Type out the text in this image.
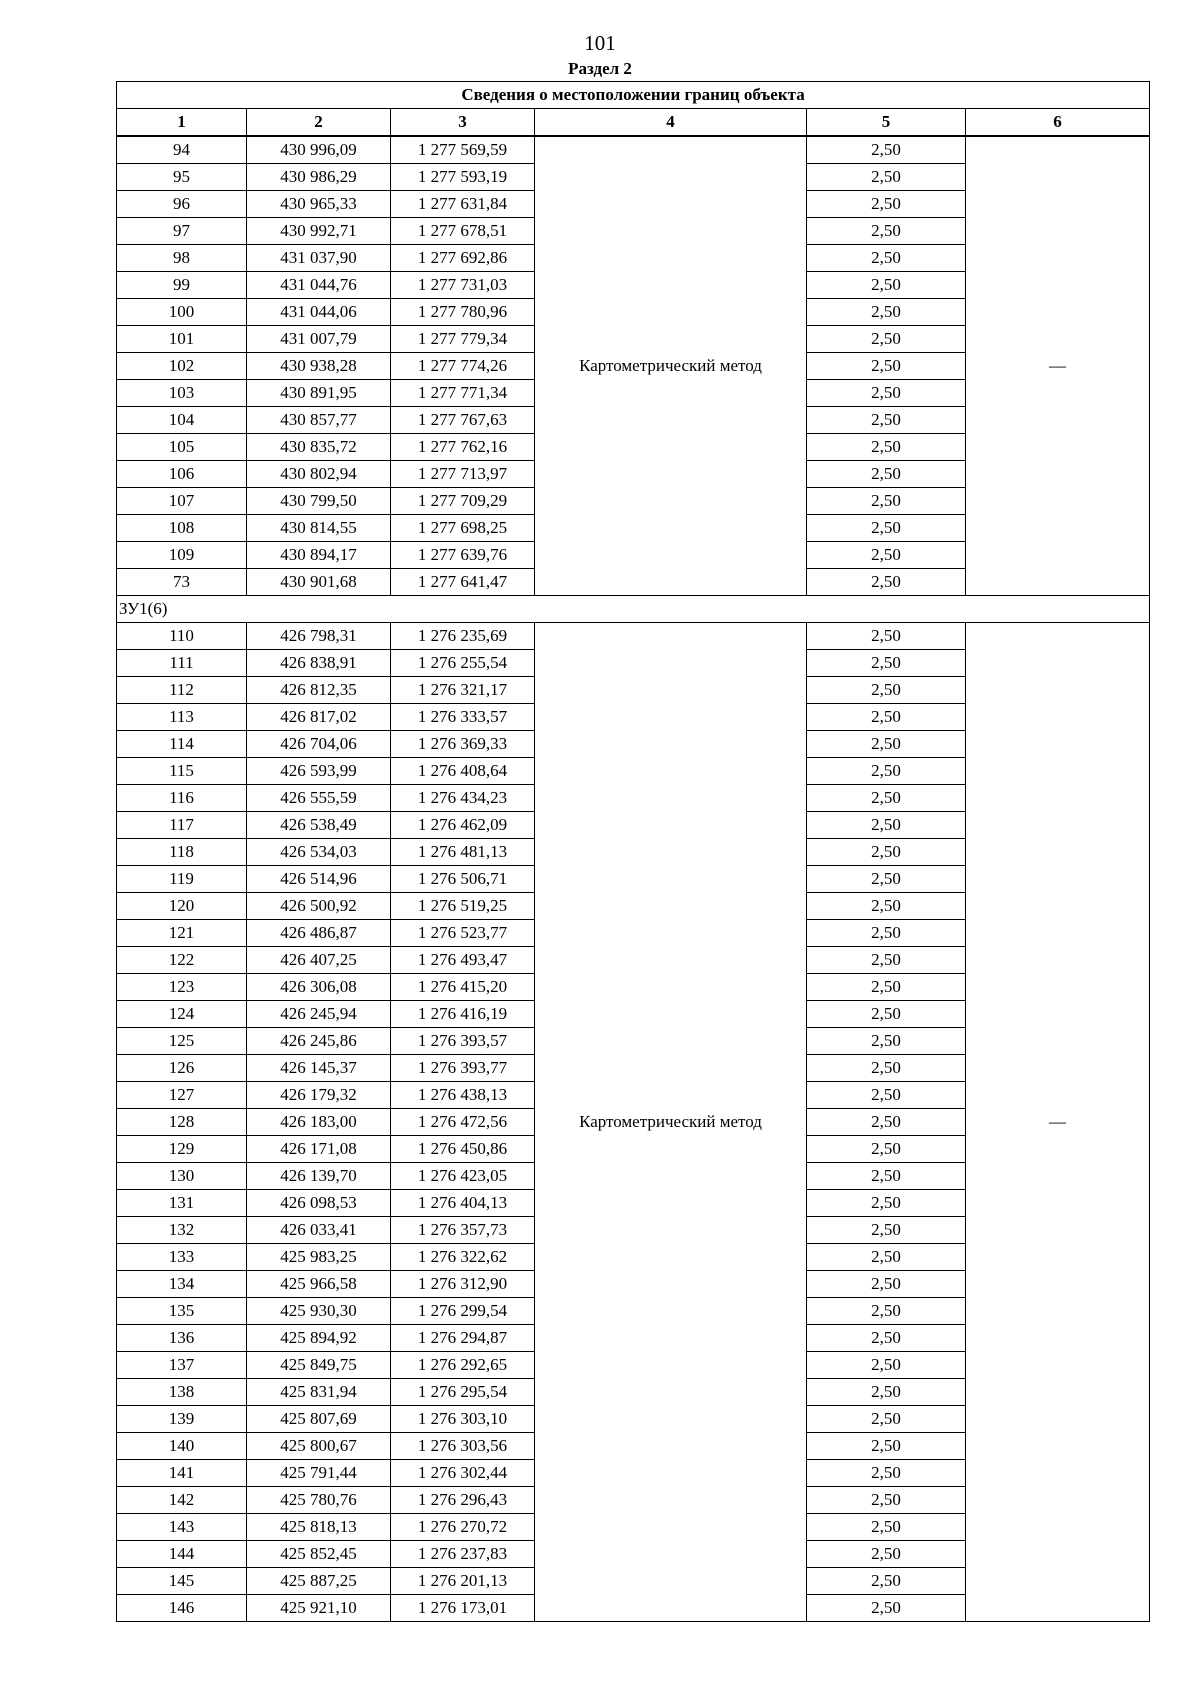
101
Раздел 2
Сведения о местоположении границ объекта					
1	2	3	4	5	6
94	430 996,09	1 277 569,59	Картометрический метод	2,50	—
95	430 986,29	1 277 593,19		2,50	
96	430 965,33	1 277 631,84		2,50	
97	430 992,71	1 277 678,51		2,50	
98	431 037,90	1 277 692,86		2,50	
99	431 044,76	1 277 731,03		2,50	
100	431 044,06	1 277 780,96		2,50	
101	431 007,79	1 277 779,34		2,50	
102	430 938,28	1 277 774,26		2,50	
103	430 891,95	1 277 771,34		2,50	
104	430 857,77	1 277 767,63		2,50	
105	430 835,72	1 277 762,16		2,50	
106	430 802,94	1 277 713,97		2,50	
107	430 799,50	1 277 709,29		2,50	
108	430 814,55	1 277 698,25		2,50	
109	430 894,17	1 277 639,76		2,50	
73	430 901,68	1 277 641,47		2,50	
ЗУ1(6)					
110	426 798,31	1 276 235,69	Картометрический метод	2,50	—
111	426 838,91	1 276 255,54		2,50	
112	426 812,35	1 276 321,17		2,50	
113	426 817,02	1 276 333,57		2,50	
114	426 704,06	1 276 369,33		2,50	
115	426 593,99	1 276 408,64		2,50	
116	426 555,59	1 276 434,23		2,50	
117	426 538,49	1 276 462,09		2,50	
118	426 534,03	1 276 481,13		2,50	
119	426 514,96	1 276 506,71		2,50	
120	426 500,92	1 276 519,25		2,50	
121	426 486,87	1 276 523,77		2,50	
122	426 407,25	1 276 493,47		2,50	
123	426 306,08	1 276 415,20		2,50	
124	426 245,94	1 276 416,19		2,50	
125	426 245,86	1 276 393,57		2,50	
126	426 145,37	1 276 393,77		2,50	
127	426 179,32	1 276 438,13		2,50	
128	426 183,00	1 276 472,56		2,50	
129	426 171,08	1 276 450,86		2,50	
130	426 139,70	1 276 423,05		2,50	
131	426 098,53	1 276 404,13		2,50	
132	426 033,41	1 276 357,73		2,50	
133	425 983,25	1 276 322,62		2,50	
134	425 966,58	1 276 312,90		2,50	
135	425 930,30	1 276 299,54		2,50	
136	425 894,92	1 276 294,87		2,50	
137	425 849,75	1 276 292,65		2,50	
138	425 831,94	1 276 295,54		2,50	
139	425 807,69	1 276 303,10		2,50	
140	425 800,67	1 276 303,56		2,50	
141	425 791,44	1 276 302,44		2,50	
142	425 780,76	1 276 296,43		2,50	
143	425 818,13	1 276 270,72		2,50	
144	425 852,45	1 276 237,83		2,50	
145	425 887,25	1 276 201,13		2,50	
146	425 921,10	1 276 173,01		2,50	
